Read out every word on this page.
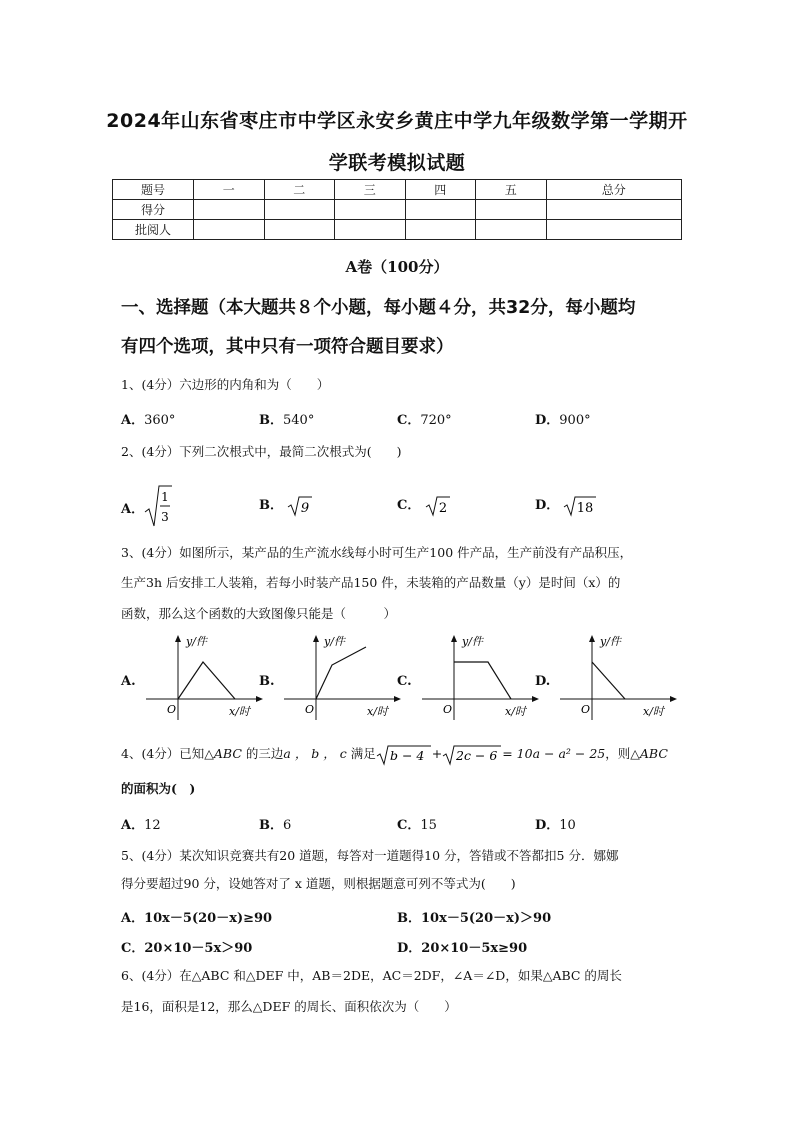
2024年山东省枣庄市中学区永安乡黄庄中学九年级数学第一学期开
学联考模拟试题
题号	一	二	三	四	五	总分
得分						
批阅人						
A卷（100分）
一、选择题（本大题共８个小题，每小题４分，共32分，每小题均
有四个选项，其中只有一项符合题目要求）
1、(4分）六边形的内角和为（　　）
A．360°	B．540°	C．720°	D．900°
2、(4分）下列二次根式中，最简二次根式为(　　)
A．
1
3
B． 9	C． 2	D． 18
3、(4分）如图所示，某产品的生产流水线每小时可生产100 件产品，生产前没有产品积压，
生产3h 后安排工人装箱，若每小时装产品150 件，未装箱的产品数量（y）是时间（x）的
函数，那么这个函数的大致图像只能是（　　　）
A.
y/件
O	x/时
B.
y/件
O	x/时
C.
y/件
O	x/时
D.
y/件
O	x/时
4、(4分）已知△ABC 的三边a ， b ， c 满足 b − 4 + 2c − 6 = 10a − a² − 25，则△ABC
的面积为(　)
A．12	B．6	C．15	D．10
5、(4分）某次知识竞赛共有20 道题，每答对一道题得10 分，答错或不答都扣5 分．娜娜
得分要超过90 分，设她答对了 x 道题，则根据题意可列不等式为(　　)
A．10x－5(20－x)≥90	B．10x－5(20－x)＞90
C．20×10－5x＞90	D．20×10－5x≥90
6、(4分）在△ABC 和△DEF 中，AB＝2DE，AC＝2DF，∠A＝∠D，如果△ABC 的周长
是16，面积是12，那么△DEF 的周长、面积依次为（　　）
